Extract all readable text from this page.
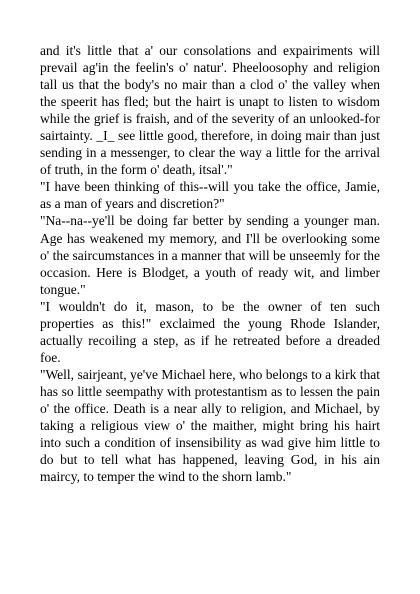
and it's little that a' our consolations and expairiments will prevail ag'in the feelin's o' natur'. Pheeloosophy and religion tall us that the body's no mair than a clod o' the valley when the speerit has fled; but the hairt is unapt to listen to wisdom while the grief is fraish, and of the severity of an unlooked-for sairtainty. _I_ see little good, therefore, in doing mair than just sending in a messenger, to clear the way a little for the arrival of truth, in the form o' death, itsal'."

"I have been thinking of this--will you take the office, Jamie, as a man of years and discretion?"

"Na--na--ye'll be doing far better by sending a younger man. Age has weakened my memory, and I'll be overlooking some o' the saircumstances in a manner that will be unseemly for the occasion. Here is Blodget, a youth of ready wit, and limber tongue."

"I wouldn't do it, mason, to be the owner of ten such properties as this!" exclaimed the young Rhode Islander, actually recoiling a step, as if he retreated before a dreaded foe.

"Well, sairjeant, ye've Michael here, who belongs to a kirk that has so little seempathy with protestantism as to lessen the pain o' the office. Death is a near ally to religion, and Michael, by taking a religious view o' the maither, might bring his hairt into such a condition of insensibility as wad give him little to do but to tell what has happened, leaving God, in his ain maircy, to temper the wind to the shorn lamb."
